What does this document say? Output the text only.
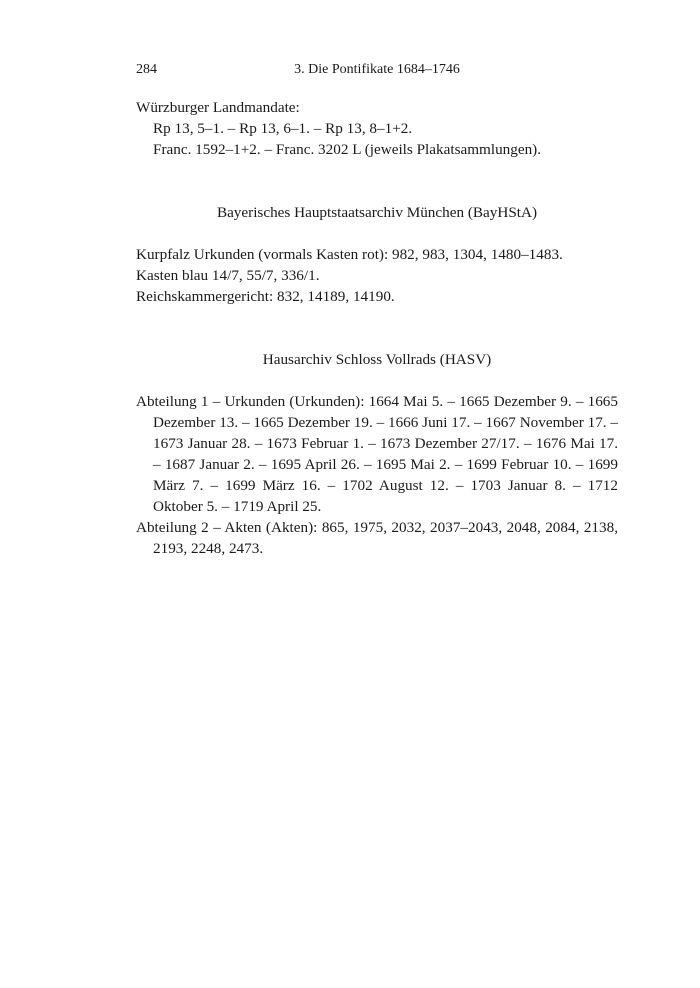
284	3. Die Pontifikate 1684–1746
Würzburger Landmandate:
Rp 13, 5–1. – Rp 13, 6–1. – Rp 13, 8–1+2.
Franc. 1592–1+2. – Franc. 3202 L (jeweils Plakatsammlungen).
Bayerisches Hauptstaatsarchiv München (BayHStA)
Kurpfalz Urkunden (vormals Kasten rot): 982, 983, 1304, 1480–1483.
Kasten blau 14/7, 55/7, 336/1.
Reichskammergericht: 832, 14189, 14190.
Hausarchiv Schloss Vollrads (HASV)
Abteilung 1 – Urkunden (Urkunden): 1664 Mai 5. – 1665 Dezember 9. – 1665 Dezember 13. – 1665 Dezember 19. – 1666 Juni 17. – 1667 November 17. – 1673 Januar 28. – 1673 Februar 1. – 1673 Dezember 27/17. – 1676 Mai 17. – 1687 Januar 2. – 1695 April 26. – 1695 Mai 2. – 1699 Februar 10. – 1699 März 7. – 1699 März 16. – 1702 August 12. – 1703 Januar 8. – 1712 Oktober 5. – 1719 April 25.
Abteilung 2 – Akten (Akten): 865, 1975, 2032, 2037–2043, 2048, 2084, 2138, 2193, 2248, 2473.
